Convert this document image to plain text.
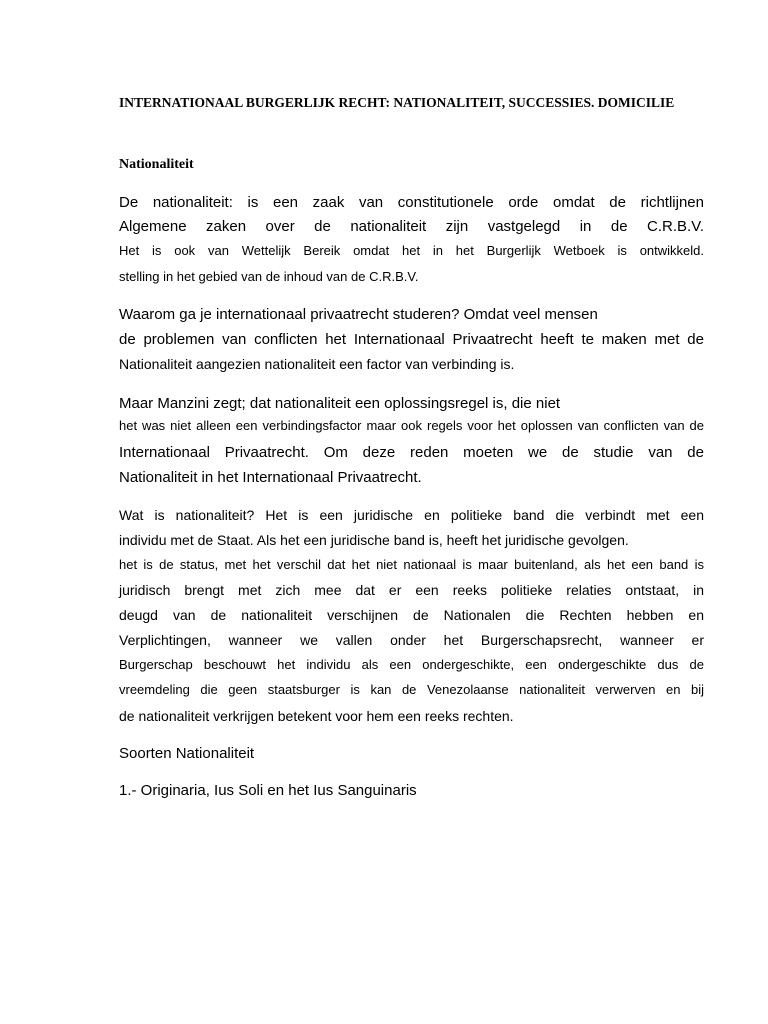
INTERNATIONAAL BURGERLIJK RECHT: NATIONALITEIT, SUCCESSIES. DOMICILIE

Nationaliteit

De nationaliteit: is een zaak van constitutionele orde omdat de richtlijnen

Algemene zaken over de nationaliteit zijn vastgelegd in de C.R.B.V.

Het is ook van Wettelijk Bereik omdat het in het Burgerlijk Wetboek is ontwikkeld.

stelling in het gebied van de inhoud van de C.R.B.V.

Waarom ga je internationaal privaatrecht studeren? Omdat veel mensen

de problemen van conflicten het Internationaal Privaatrecht heeft te maken met de

Nationaliteit aangezien nationaliteit een factor van verbinding is.

Maar Manzini zegt; dat nationaliteit een oplossingsregel is, die niet

het was niet alleen een verbindingsfactor maar ook regels voor het oplossen van conflicten van de

Internationaal Privaatrecht. Om deze reden moeten we de studie van de

Nationaliteit in het Internationaal Privaatrecht.

Wat is nationaliteit? Het is een juridische en politieke band die verbindt met een

individu met de Staat. Als het een juridische band is, heeft het juridische gevolgen.

het is de status, met het verschil dat het niet nationaal is maar buitenland, als het een band is

juridisch brengt met zich mee dat er een reeks politieke relaties ontstaat, in

deugd van de nationaliteit verschijnen de Nationalen die Rechten hebben en

Verplichtingen, wanneer we vallen onder het Burgerschapsrecht, wanneer er

Burgerschap beschouwt het individu als een ondergeschikte, een ondergeschikte dus de

vreemdeling die geen staatsburger is kan de Venezolaanse nationaliteit verwerven en bij

de nationaliteit verkrijgen betekent voor hem een reeks rechten.

Soorten Nationaliteit

1.- Originaria, Ius Soli en het Ius Sanguinaris
